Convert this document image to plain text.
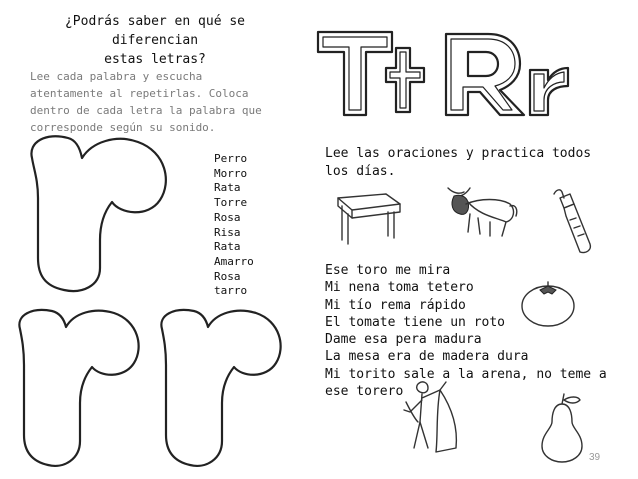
¿Podrás saber en qué se diferencian
estas letras?
Lee cada palabra y escucha atentamente al repetirlas. Coloca dentro de cada letra la palabra que corresponde según su sonido.
Perro
Morro
Rata
Torre
Rosa
Risa
Rata
Amarro
Rosa
tarro
Lee las oraciones y practica todos los días.
Ese toro me mira
Mi nena toma tetero
Mi tío rema rápido
El tomate tiene un roto
Dame esa pera madura
La mesa era de madera dura
Mi torito sale a la arena, no teme a ese torero
39
